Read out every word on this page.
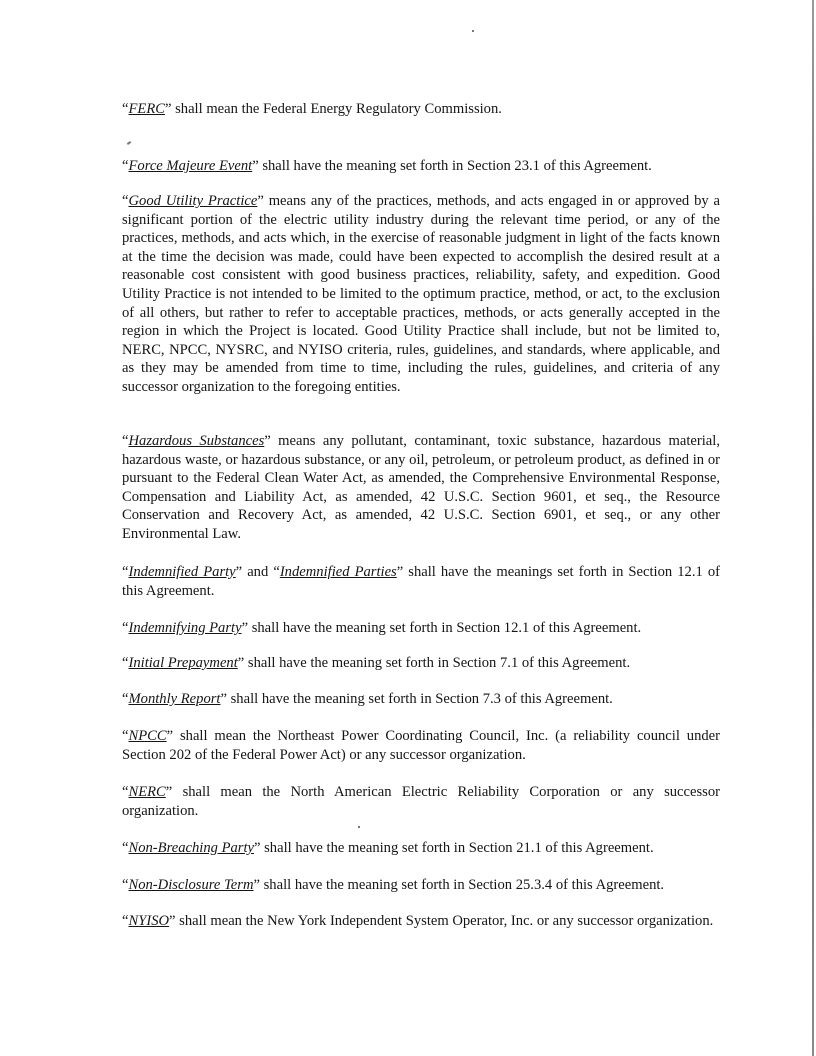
“FERC” shall mean the Federal Energy Regulatory Commission.

“Force Majeure Event” shall have the meaning set forth in Section 23.1 of this Agreement.

“Good Utility Practice” means any of the practices, methods, and acts engaged in or approved by a significant portion of the electric utility industry during the relevant time period, or any of the practices, methods, and acts which, in the exercise of reasonable judgment in light of the facts known at the time the decision was made, could have been expected to accomplish the desired result at a reasonable cost consistent with good business practices, reliability, safety, and expedition. Good Utility Practice is not intended to be limited to the optimum practice, method, or act, to the exclusion of all others, but rather to refer to acceptable practices, methods, or acts generally accepted in the region in which the Project is located. Good Utility Practice shall include, but not be limited to, NERC, NPCC, NYSRC, and NYISO criteria, rules, guidelines, and standards, where applicable, and as they may be amended from time to time, including the rules, guidelines, and criteria of any successor organization to the foregoing entities.

“Hazardous Substances” means any pollutant, contaminant, toxic substance, hazardous material, hazardous waste, or hazardous substance, or any oil, petroleum, or petroleum product, as defined in or pursuant to the Federal Clean Water Act, as amended, the Comprehensive Environmental Response, Compensation and Liability Act, as amended, 42 U.S.C. Section 9601, et seq., the Resource Conservation and Recovery Act, as amended, 42 U.S.C. Section 6901, et seq., or any other Environmental Law.

“Indemnified Party” and “Indemnified Parties” shall have the meanings set forth in Section 12.1 of this Agreement.

“Indemnifying Party” shall have the meaning set forth in Section 12.1 of this Agreement.

“Initial Prepayment” shall have the meaning set forth in Section 7.1 of this Agreement.

“Monthly Report” shall have the meaning set forth in Section 7.3 of this Agreement.

“NPCC” shall mean the Northeast Power Coordinating Council, Inc. (a reliability council under Section 202 of the Federal Power Act) or any successor organization.

“NERC” shall mean the North American Electric Reliability Corporation or any successor organization.

“Non-Breaching Party” shall have the meaning set forth in Section 21.1 of this Agreement.

“Non-Disclosure Term” shall have the meaning set forth in Section 25.3.4 of this Agreement.

“NYISO” shall mean the New York Independent System Operator, Inc. or any successor organization.
